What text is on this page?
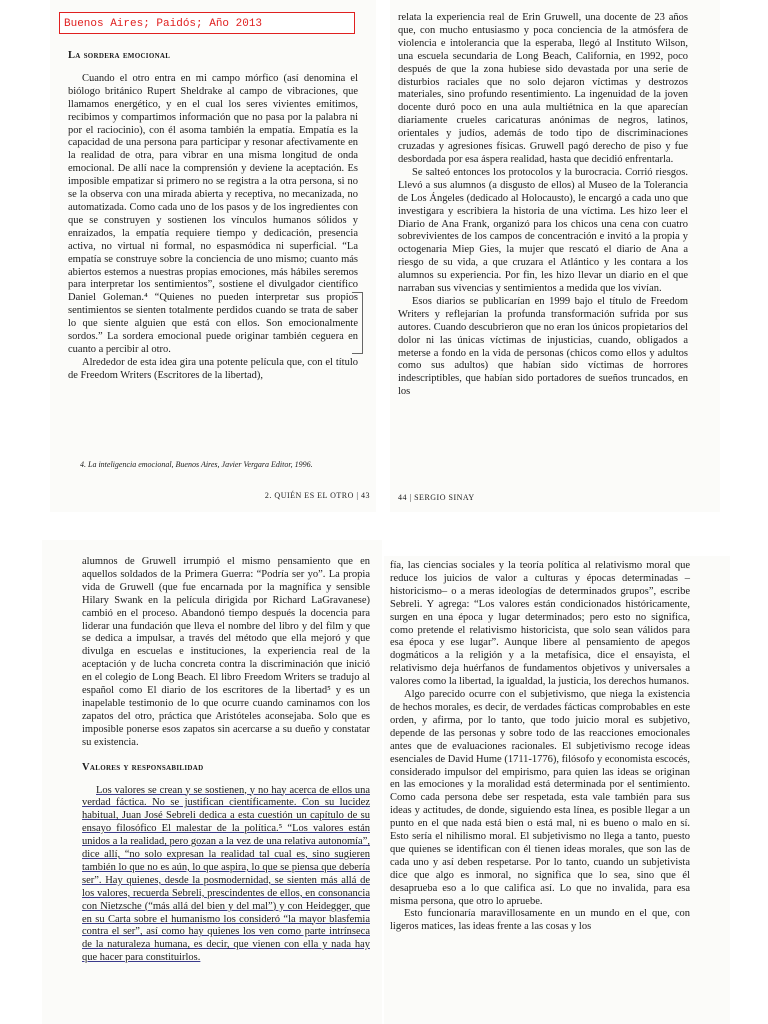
Buenos Aires; Paidós; Año 2013
La sordera emocional

Cuando el otro entra en mi campo mórfico (así denomina el biólogo británico Rupert Sheldrake al campo de vibraciones, que llamamos energético, y en el cual los seres vivientes emitimos, recibimos y compartimos información que no pasa por la palabra ni por el raciocinio), con él asoma también la empatía. Empatía es la capacidad de una persona para participar y resonar afectivamente en la realidad de otra, para vibrar en una misma longitud de onda emocional. De allí nace la comprensión y deviene la aceptación. Es imposible empatizar si primero no se registra a la otra persona, si no se la observa con una mirada abierta y receptiva, no mecanizada, no automatizada. Como cada uno de los pasos y de los ingredientes con que se construyen y sostienen los vínculos humanos sólidos y enraizados, la empatía requiere tiempo y dedicación, presencia activa, no virtual ni formal, no espasmódica ni superficial. “La empatía se construye sobre la conciencia de uno mismo; cuanto más abiertos estemos a nuestras propias emociones, más hábiles seremos para interpretar los sentimientos”, sostiene el divulgador científico Daniel Goleman.⁴ “Quienes no pueden interpretar sus propios sentimientos se sienten totalmente perdidos cuando se trata de saber lo que siente alguien que está con ellos. Son emocionalmente sordos.” La sordera emocional puede originar también ceguera en cuanto a percibir al otro.

Alrededor de esta idea gira una potente película que, con el título de Freedom Writers (Escritores de la libertad),

4. La inteligencia emocional, Buenos Aires, Javier Vergara Editor, 1996.
2. QUIÉN ES EL OTRO | 43

relata la experiencia real de Erin Gruwell, una docente de 23 años que, con mucho entusiasmo y poca conciencia de la atmósfera de violencia e intolerancia que la esperaba, llegó al Instituto Wilson, una escuela secundaria de Long Beach, California, en 1992, poco después de que la zona hubiese sido devastada por una serie de disturbios raciales que no solo dejaron víctimas y destrozos materiales, sino profundo resentimiento. La ingenuidad de la joven docente duró poco en una aula multiétnica en la que aparecían diariamente crueles caricaturas anónimas de negros, latinos, orientales y judíos, además de todo tipo de discriminaciones cruzadas y agresiones físicas. Gruwell pagó derecho de piso y fue desbordada por esa áspera realidad, hasta que decidió enfrentarla.

Se salteó entonces los protocolos y la burocracia. Corrió riesgos. Llevó a sus alumnos (a disgusto de ellos) al Museo de la Tolerancia de Los Ángeles (dedicado al Holocausto), le encargó a cada uno que investigara y escribiera la historia de una víctima. Les hizo leer el Diario de Ana Frank, organizó para los chicos una cena con cuatro sobrevivientes de los campos de concentración e invitó a la propia y octogenaria Miep Gies, la mujer que rescató el diario de Ana a riesgo de su vida, a que cruzara el Atlántico y les contara a los alumnos su experiencia. Por fin, les hizo llevar un diario en el que narraban sus vivencias y sentimientos a medida que los vivían.

Esos diarios se publicarían en 1999 bajo el título de Freedom Writers y reflejarían la profunda transformación sufrida por sus autores. Cuando descubrieron que no eran los únicos propietarios del dolor ni las únicas víctimas de injusticias, cuando, obligados a meterse a fondo en la vida de personas (chicos como ellos y adultos como sus adultos) que habían sido víctimas de horrores indescriptibles, que habían sido portadores de sueños truncados, en los

44 | SERGIO SINAY

alumnos de Gruwell irrumpió el mismo pensamiento que en aquellos soldados de la Primera Guerra: “Podría ser yo”. La propia vida de Gruwell (que fue encarnada por la magnífica y sensible Hilary Swank en la película dirigida por Richard LaGravanese) cambió en el proceso. Abandonó tiempo después la docencia para liderar una fundación que lleva el nombre del libro y del film y que se dedica a impulsar, a través del método que ella mejoró y que divulga en escuelas e instituciones, la experiencia real de la aceptación y de lucha concreta contra la discriminación que inició en el colegio de Long Beach. El libro Freedom Writers se tradujo al español como El diario de los escritores de la libertad⁵ y es un inapelable testimonio de lo que ocurre cuando caminamos con los zapatos del otro, práctica que Aristóteles aconsejaba. Solo que es imposible ponerse esos zapatos sin acercarse a su dueño y constatar su existencia.

Valores y responsabilidad

Los valores se crean y se sostienen, y no hay acerca de ellos una verdad fáctica. No se justifican científicamente. Con su lucidez habitual, Juan José Sebreli dedica a esta cuestión un capítulo de su ensayo filosófico El malestar de la política.⁵ “Los valores están unidos a la realidad, pero gozan a la vez de una relativa autonomía”, dice allí, “no solo expresan la realidad tal cual es, sino sugieren también lo que no es aún, lo que aspira, lo que se piensa que debería ser”. Hay quienes, desde la posmodernidad, se sienten más allá de los valores, recuerda Sebreli, prescindentes de ellos, en consonancia con Nietzsche (“más allá del bien y del mal”) y con Heidegger, que en su Carta sobre el humanismo los consideró “la mayor blasfemia contra el ser”, así como hay quienes los ven como parte intrínseca de la naturaleza humana, es decir, que vienen con ella y nada hay que hacer para constituirlos.

fía, las ciencias sociales y la teoría política al relativismo moral que reduce los juicios de valor a culturas y épocas determinadas –historicismo– o a meras ideologías de determinados grupos”, escribe Sebreli. Y agrega: “Los valores están condicionados históricamente, surgen en una época y lugar determinados; pero esto no significa, como pretende el relativismo historicista, que solo sean válidos para esa época y ese lugar”. Aunque libere al pensamiento de apegos dogmáticos a la religión y a la metafísica, dice el ensayista, el relativismo deja huérfanos de fundamentos objetivos y universales a valores como la libertad, la igualdad, la justicia, los derechos humanos.

Algo parecido ocurre con el subjetivismo, que niega la existencia de hechos morales, es decir, de verdades fácticas comprobables en este orden, y afirma, por lo tanto, que todo juicio moral es subjetivo, depende de las personas y sobre todo de las reacciones emocionales antes que de evaluaciones racionales. El subjetivismo recoge ideas esenciales de David Hume (1711-1776), filósofo y economista escocés, considerado impulsor del empirismo, para quien las ideas se originan en las emociones y la moralidad está determinada por el sentimiento. Como cada persona debe ser respetada, esta vale también para sus ideas y actitudes, de donde, siguiendo esta línea, es posible llegar a un punto en el que nada está bien o está mal, ni es bueno o malo en sí. Esto sería el nihilismo moral. El subjetivismo no llega a tanto, puesto que quienes se identifican con él tienen ideas morales, que son las de cada uno y así deben respetarse. Por lo tanto, cuando un subjetivista dice que algo es inmoral, no significa que lo sea, sino que él desaprueba eso a lo que califica así. Lo que no invalida, para esa misma persona, que otro lo apruebe.

Esto funcionaría maravillosamente en un mundo en el que, con ligeros matices, las ideas frente a las cosas y los
